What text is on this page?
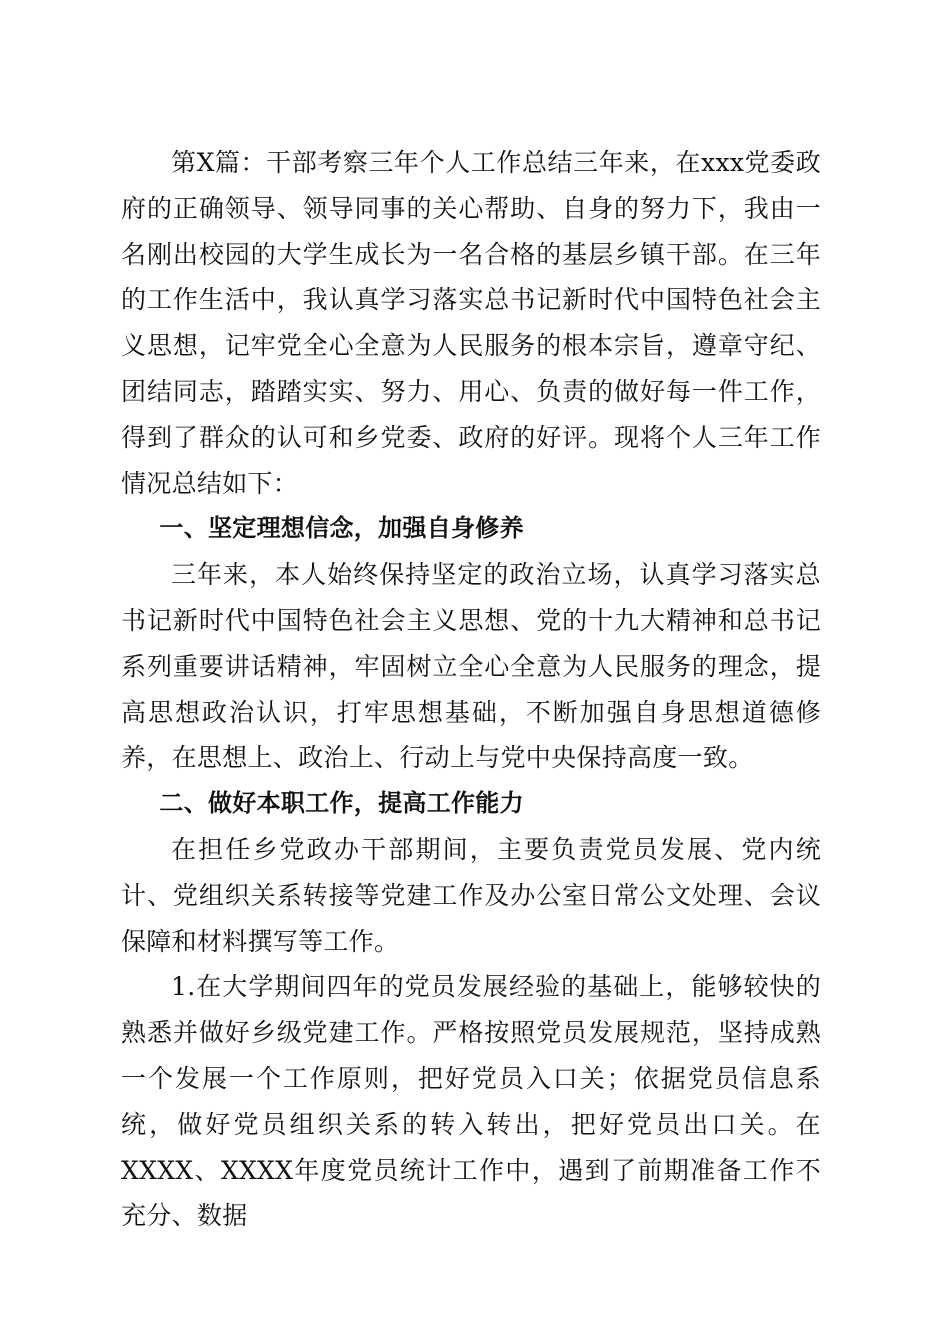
第X篇：干部考察三年个人工作总结三年来，在xxx党委政府的正确领导、领导同事的关心帮助、自身的努力下，我由一名刚出校园的大学生成长为一名合格的基层乡镇干部。在三年的工作生活中，我认真学习落实总书记新时代中国特色社会主义思想，记牢党全心全意为人民服务的根本宗旨，遵章守纪、团结同志，踏踏实实、努力、用心、负责的做好每一件工作，得到了群众的认可和乡党委、政府的好评。现将个人三年工作情况总结如下：

一、坚定理想信念，加强自身修养

三年来，本人始终保持坚定的政治立场，认真学习落实总书记新时代中国特色社会主义思想、党的十九大精神和总书记系列重要讲话精神，牢固树立全心全意为人民服务的理念，提高思想政治认识，打牢思想基础，不断加强自身思想道德修养，在思想上、政治上、行动上与党中央保持高度一致。

二、做好本职工作，提高工作能力

在担任乡党政办干部期间，主要负责党员发展、党内统计、党组织关系转接等党建工作及办公室日常公文处理、会议保障和材料撰写等工作。

1.在大学期间四年的党员发展经验的基础上，能够较快的熟悉并做好乡级党建工作。严格按照党员发展规范，坚持成熟一个发展一个工作原则，把好党员入口关；依据党员信息系统，做好党员组织关系的转入转出，把好党员出口关。在XXXX、XXXX年度党员统计工作中，遇到了前期准备工作不充分、数据
